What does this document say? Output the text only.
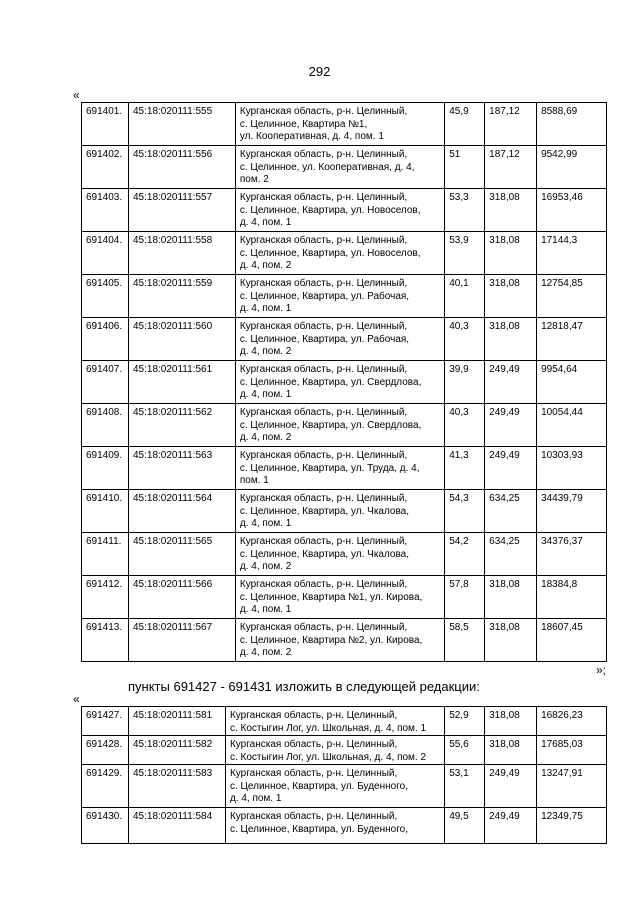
292
«
691401.	45:18:020111:555	Курганская область, р-н. Целинный,
с. Целинное, Квартира №1,
ул. Кооперативная, д. 4, пом. 1	45,9	187,12	8588,69
691402.	45:18:020111:556	Курганская область, р-н. Целинный,
с. Целинное, ул. Кооперативная, д. 4,
пом. 2	51	187,12	9542,99
691403.	45:18:020111:557	Курганская область, р-н. Целинный,
с. Целинное, Квартира, ул. Новоселов,
д. 4, пом. 1	53,3	318,08	16953,46
691404.	45:18:020111:558	Курганская область, р-н. Целинный,
с. Целинное, Квартира, ул. Новоселов,
д. 4, пом. 2	53,9	318,08	17144,3
691405.	45:18:020111:559	Курганская область, р-н. Целинный,
с. Целинное, Квартира, ул. Рабочая,
д. 4, пом. 1	40,1	318,08	12754,85
691406.	45:18:020111:560	Курганская область, р-н. Целинный,
с. Целинное, Квартира, ул. Рабочая,
д. 4, пом. 2	40,3	318,08	12818,47
691407.	45:18:020111:561	Курганская область, р-н. Целинный,
с. Целинное, Квартира, ул. Свердлова,
д. 4, пом. 1	39,9	249,49	9954,64
691408.	45:18:020111:562	Курганская область, р-н. Целинный,
с. Целинное, Квартира, ул. Свердлова,
д. 4, пом. 2	40,3	249,49	10054,44
691409.	45:18:020111:563	Курганская область, р-н. Целинный,
с. Целинное, Квартира, ул. Труда, д. 4,
пом. 1	41,3	249,49	10303,93
691410.	45:18:020111:564	Курганская область, р-н. Целинный,
с. Целинное, Квартира, ул. Чкалова,
д. 4, пом. 1	54,3	634,25	34439,79
691411.	45:18:020111:565	Курганская область, р-н. Целинный,
с. Целинное, Квартира, ул. Чкалова,
д. 4, пом. 2	54,2	634,25	34376,37
691412.	45:18:020111:566	Курганская область, р-н. Целинный,
с. Целинное, Квартира №1, ул. Кирова,
д. 4, пом. 1	57,8	318,08	18384,8
691413.	45:18:020111:567	Курганская область, р-н. Целинный,
с. Целинное, Квартира №2, ул. Кирова,
д. 4, пом. 2	58,5	318,08	18607,45
»;
пункты 691427 - 691431 изложить в следующей редакции:
«
691427.	45:18:020111:581	Курганская область, р-н. Целинный,
с. Костыгин Лог, ул. Школьная, д. 4, пом. 1	52,9	318,08	16826,23
691428.	45:18:020111:582	Курганская область, р-н. Целинный,
с. Костыгин Лог, ул. Школьная, д. 4, пом. 2	55,6	318,08	17685,03
691429.	45:18:020111:583	Курганская область, р-н. Целинный,
с. Целинное, Квартира, ул. Буденного,
д. 4, пом. 1	53,1	249,49	13247,91
691430.	45:18:020111:584	Курганская область, р-н. Целинный,
с. Целинное, Квартира, ул. Буденного,	49,5	249,49	12349,75
